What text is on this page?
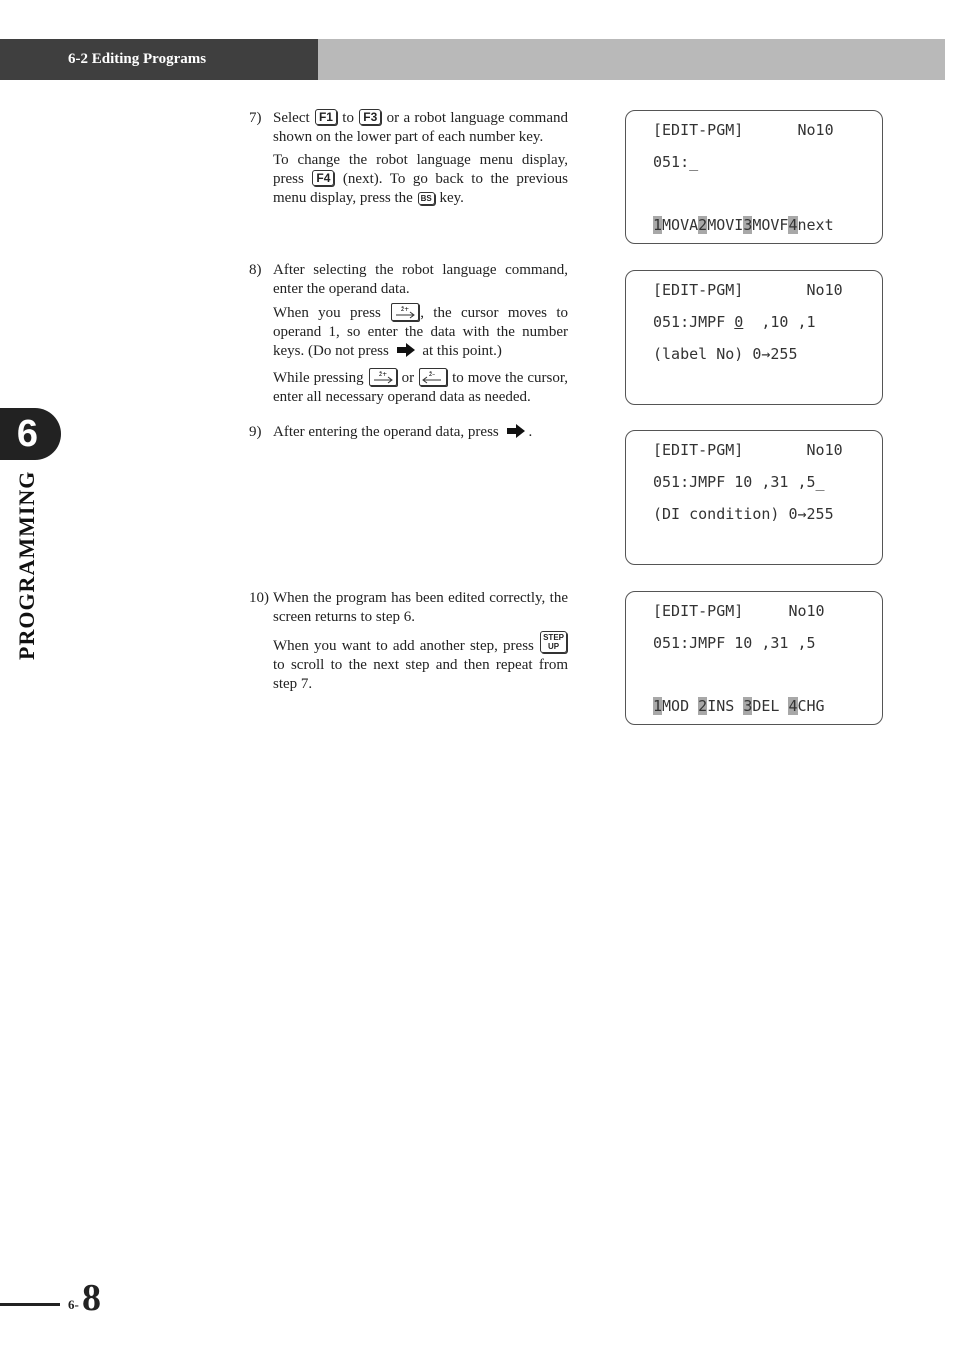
6-2 Editing Programs
6
PROGRAMMING
7) Select F1 to F3 or a robot language command shown on the lower part of each number key.

To change the robot language menu display, press F4 (next). To go back to the previous menu display, press the BS key.

8) After selecting the robot language command, enter the operand data.

When you press ž+ , the cursor moves to operand 1, so enter the data with the number keys. (Do not press  at this point.)

While pressing ž+ or ž– to move the cursor, enter all necessary operand data as needed.

9) After entering the operand data, press .

10) When the program has been edited correctly, the screen returns to step 6.

When you want to add another step, press STEP
UP to scroll to the next step and then repeat from step 7.

[EDIT-PGM]	No10

051:_

1MOVA2MOVI3MOVF4next

[EDIT-PGM]	No10

051:JMPF 0  ,10 ,1

(label No) 0→255

[EDIT-PGM]	No10

051:JMPF 10 ,31 ,5_

(DI condition) 0→255

[EDIT-PGM]	No10

051:JMPF 10 ,31 ,5

1MOD 2INS 3DEL 4CHG

6- 8
